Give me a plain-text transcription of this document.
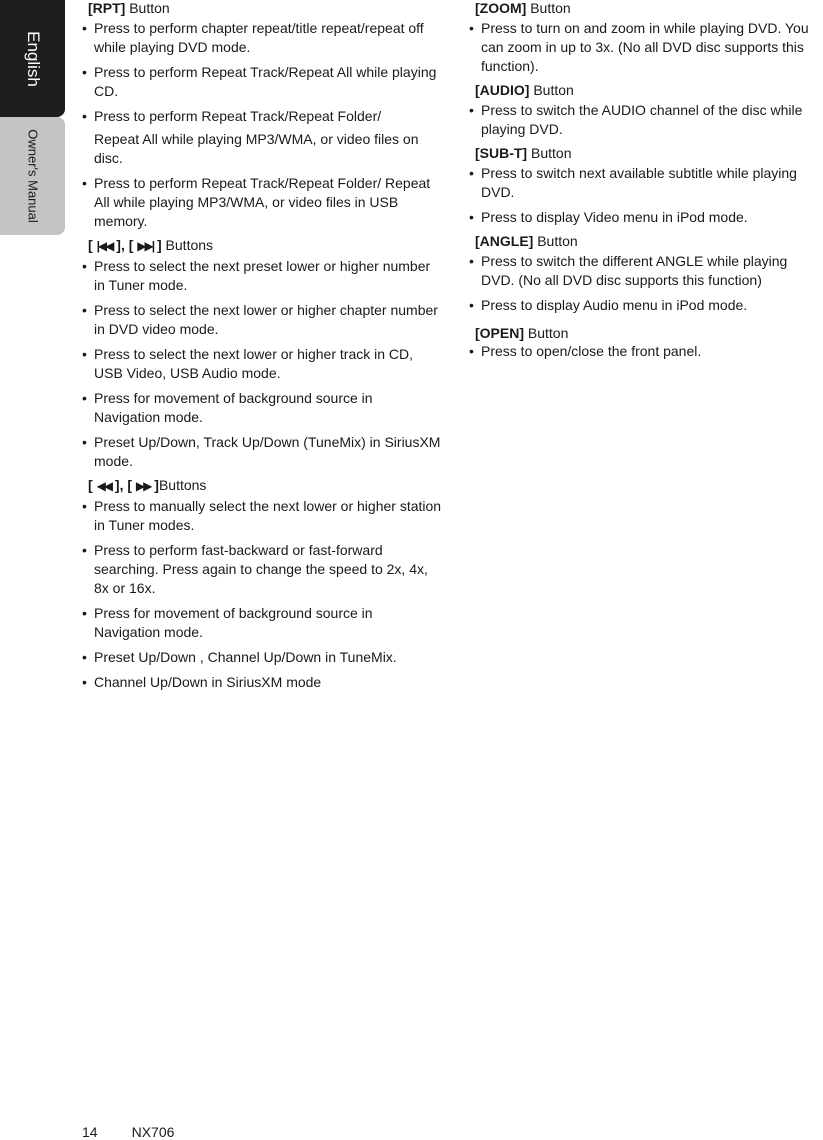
English
Owner's Manual
[RPT] Button
• Press to perform chapter repeat/title repeat/repeat off while playing DVD mode.
• Press to perform Repeat Track/Repeat All while playing CD.
• Press to perform Repeat Track/Repeat Folder/
Repeat All while playing MP3/WMA, or video files on disc.
• Press to perform Repeat Track/Repeat Folder/ Repeat All while playing MP3/WMA, or video files in USB memory.
[ |◀◀ ], [ ▶▶| ] Buttons
• Press to select the next preset lower or higher number in Tuner mode.
• Press to select the next lower or higher chapter number in DVD video mode.
• Press to select the next lower or higher track in CD, USB Video, USB Audio mode.
• Press for movement of background source in Navigation mode.
• Preset Up/Down, Track Up/Down (TuneMix) in SiriusXM mode.
[ ◀◀ ], [ ▶▶ ]Buttons
• Press to manually select the next lower or higher station in Tuner modes.
• Press to perform fast-backward or fast-forward searching. Press again to change the speed to 2x, 4x, 8x or 16x.
• Press for movement of background source in Navigation mode.
• Preset Up/Down , Channel Up/Down in TuneMix.
• Channel Up/Down in SiriusXM mode
[ZOOM] Button
• Press to turn on and zoom in while playing DVD. You can zoom in up to 3x. (No all DVD disc supports this function).
[AUDIO] Button
• Press to switch the AUDIO channel of the disc while playing DVD.
[SUB-T] Button
• Press to switch next available subtitle while playing DVD.
• Press to display Video menu in iPod mode.
[ANGLE] Button
• Press to switch the different ANGLE while playing DVD. (No all DVD disc supports this function)
• Press to display Audio menu in iPod mode.
[OPEN] Button
• Press to open/close the front panel.
14 NX706
